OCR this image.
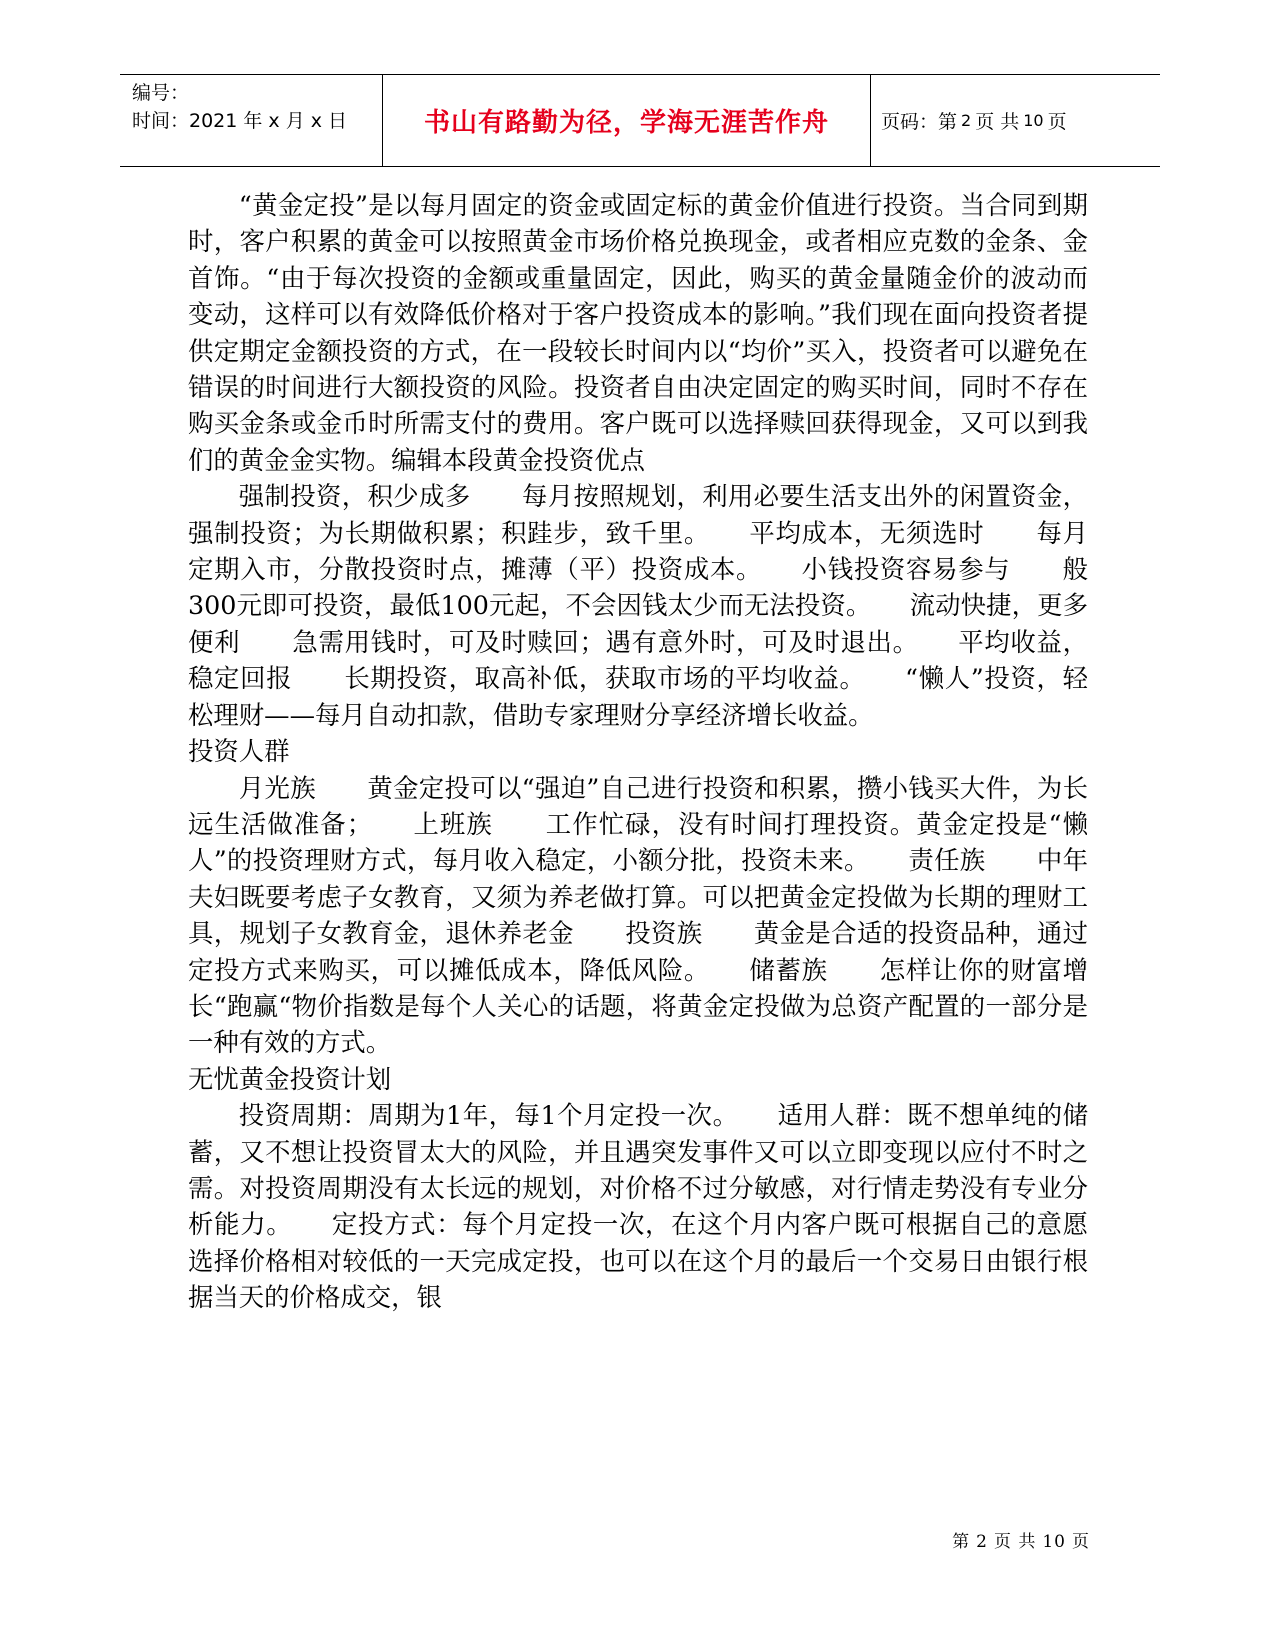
编号：
时间：2021 年 x 月 x 日	书山有路勤为径，学海无涯苦作舟	页码：第 2 页 共 10 页

“黄金定投”是以每月固定的资金或固定标的黄金价值进行投资。当合同到期时，客户积累的黄金可以按照黄金市场价格兑换现金，或者相应克数的金条、金首饰。“由于每次投资的金额或重量固定，因此，购买的黄金量随金价的波动而变动，这样可以有效降低价格对于客户投资成本的影响。”我们现在面向投资者提供定期定金额投资的方式，在一段较长时间内以“均价”买入，投资者可以避免在错误的时间进行大额投资的风险。投资者自由决定固定的购买时间，同时不存在购买金条或金币时所需支付的费用。客户既可以选择赎回获得现金，又可以到我们的黄金金实物。编辑本段黄金投资优点

强制投资，积少成多　　每月按照规划，利用必要生活支出外的闲置资金，强制投资；为长期做积累；积跬步，致千里。　　平均成本，无须选时　　每月定期入市，分散投资时点，摊薄（平）投资成本。　　小钱投资容易参与　　般300元即可投资，最低100元起，不会因钱太少而无法投资。　　流动快捷，更多便利　　急需用钱时，可及时赎回；遇有意外时，可及时退出。　　平均收益，稳定回报　　长期投资，取高补低，获取市场的平均收益。　　“懒人”投资，轻松理财——每月自动扣款，借助专家理财分享经济增长收益。

投资人群

月光族　　黄金定投可以“强迫”自己进行投资和积累，攒小钱买大件，为长远生活做准备；　　上班族　　工作忙碌，没有时间打理投资。黄金定投是“懒人”的投资理财方式，每月收入稳定，小额分批，投资未来。　　责任族　　中年夫妇既要考虑子女教育，又须为养老做打算。可以把黄金定投做为长期的理财工具，规划子女教育金，退休养老金　　投资族　　黄金是合适的投资品种，通过定投方式来购买，可以摊低成本，降低风险。　　储蓄族　　怎样让你的财富增长“跑赢“物价指数是每个人关心的话题，将黄金定投做为总资产配置的一部分是一种有效的方式。

无忧黄金投资计划

投资周期：周期为1年，每1个月定投一次。　　适用人群：既不想单纯的储蓄，又不想让投资冒太大的风险，并且遇突发事件又可以立即变现以应付不时之需。对投资周期没有太长远的规划，对价格不过分敏感，对行情走势没有专业分析能力。　　定投方式：每个月定投一次，在这个月内客户既可根据自己的意愿选择价格相对较低的一天完成定投，也可以在这个月的最后一个交易日由银行根据当天的价格成交，银

第 2 页 共 10 页
